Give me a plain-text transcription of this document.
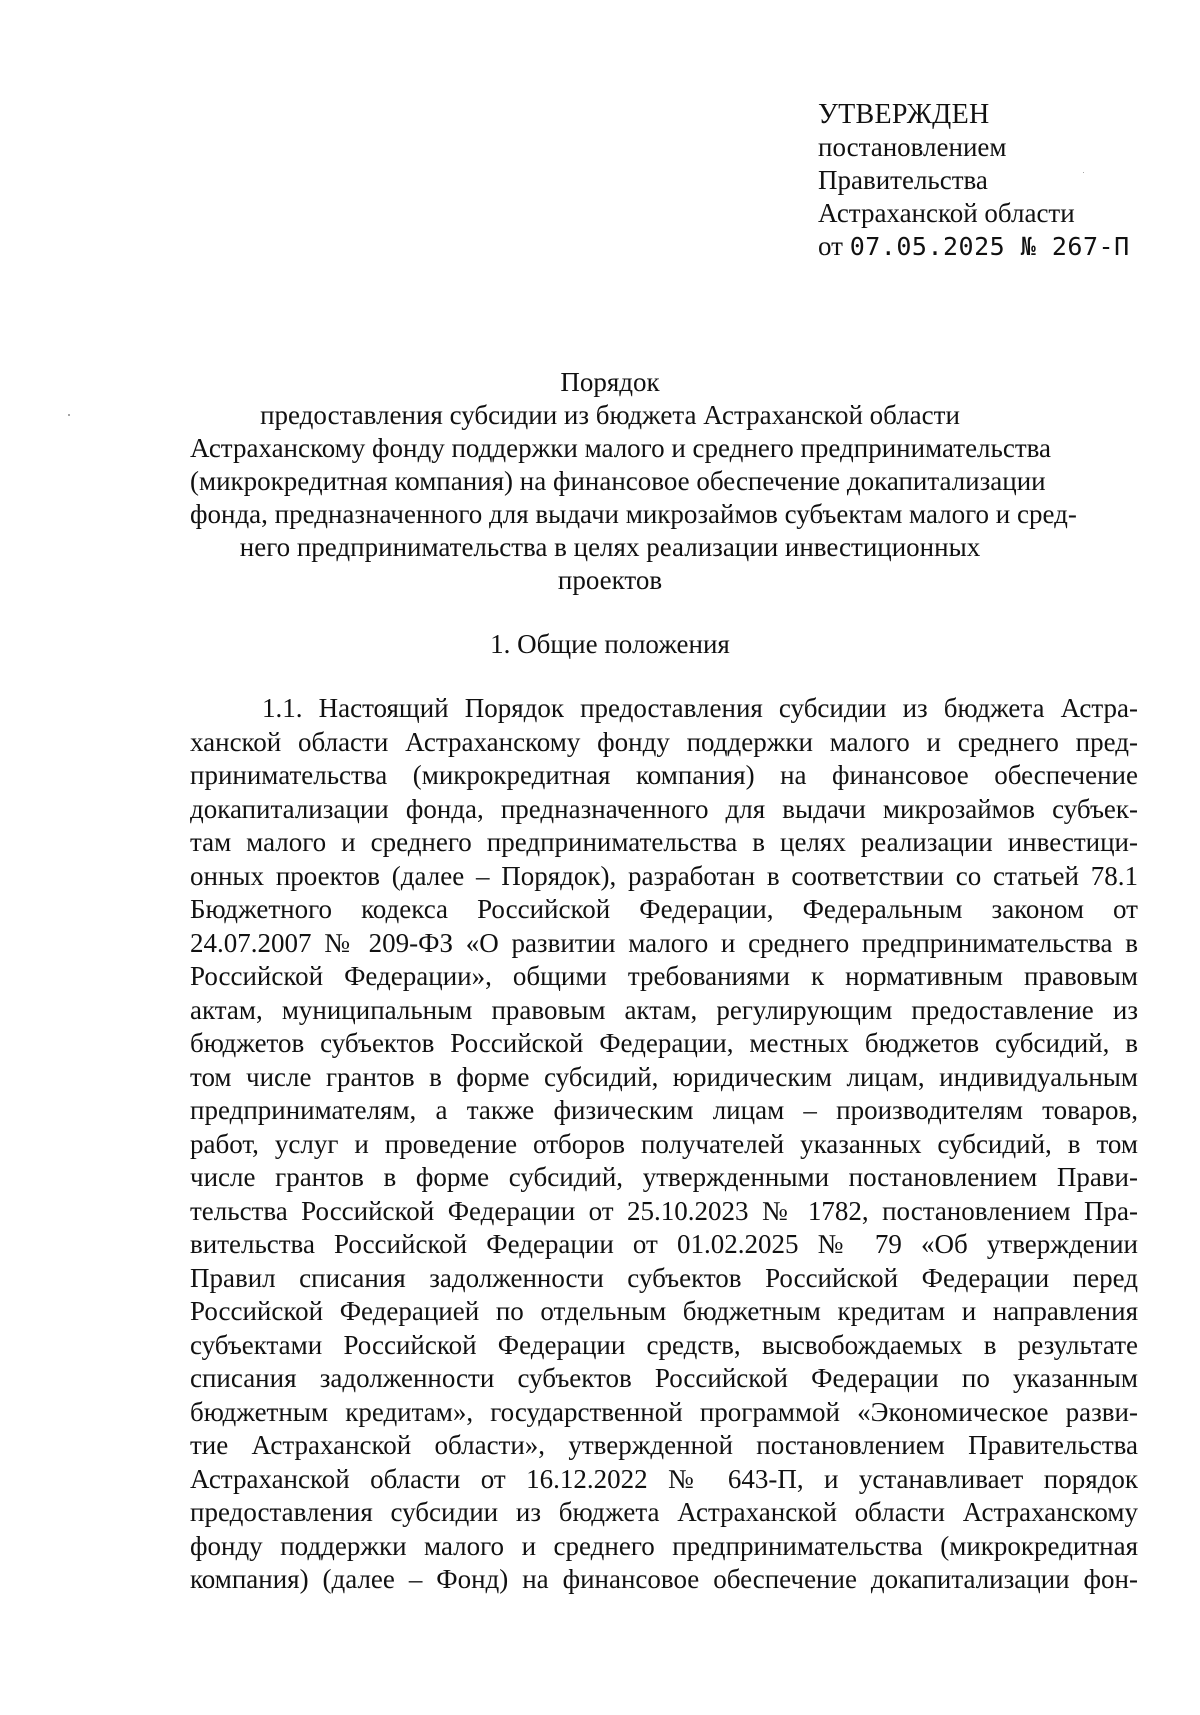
УТВЕРЖДЕН
постановлением
Правительства
Астраханской области
от 07.05.2025 № 267-П
Порядок
предоставления субсидии из бюджета Астраханской области
Астраханскому фонду поддержки малого и среднего предпринимательства
(микрокредитная компания) на финансовое обеспечение докапитализации
фонда, предназначенного для выдачи микрозаймов субъектам малого и сред-
него предпринимательства в целях реализации инвестиционных
проектов
1. Общие положения
1.1. Настоящий Порядок предоставления субсидии из бюджета Астра-
ханской области Астраханскому фонду поддержки малого и среднего пред-
принимательства (микрокредитная компания) на финансовое обеспечение
докапитализации фонда, предназначенного для выдачи микрозаймов субъек-
там малого и среднего предпринимательства в целях реализации инвестици-
онных проектов (далее – Порядок), разработан в соответствии со статьей 78.1
Бюджетного кодекса Российской Федерации, Федеральным законом от
24.07.2007 № 209-ФЗ «О развитии малого и среднего предпринимательства в
Российской Федерации», общими требованиями к нормативным правовым
актам, муниципальным правовым актам, регулирующим предоставление из
бюджетов субъектов Российской Федерации, местных бюджетов субсидий, в
том числе грантов в форме субсидий, юридическим лицам, индивидуальным
предпринимателям, а также физическим лицам – производителям товаров,
работ, услуг и проведение отборов получателей указанных субсидий, в том
числе грантов в форме субсидий, утвержденными постановлением Прави-
тельства Российской Федерации от 25.10.2023 № 1782, постановлением Пра-
вительства Российской Федерации от 01.02.2025 № 79 «Об утверждении
Правил списания задолженности субъектов Российской Федерации перед
Российской Федерацией по отдельным бюджетным кредитам и направления
субъектами Российской Федерации средств, высвобождаемых в результате
списания задолженности субъектов Российской Федерации по указанным
бюджетным кредитам», государственной программой «Экономическое разви-
тие Астраханской области», утвержденной постановлением Правительства
Астраханской области от 16.12.2022 № 643-П, и устанавливает порядок
предоставления субсидии из бюджета Астраханской области Астраханскому
фонду поддержки малого и среднего предпринимательства (микрокредитная
компания) (далее – Фонд) на финансовое обеспечение докапитализации фон-
